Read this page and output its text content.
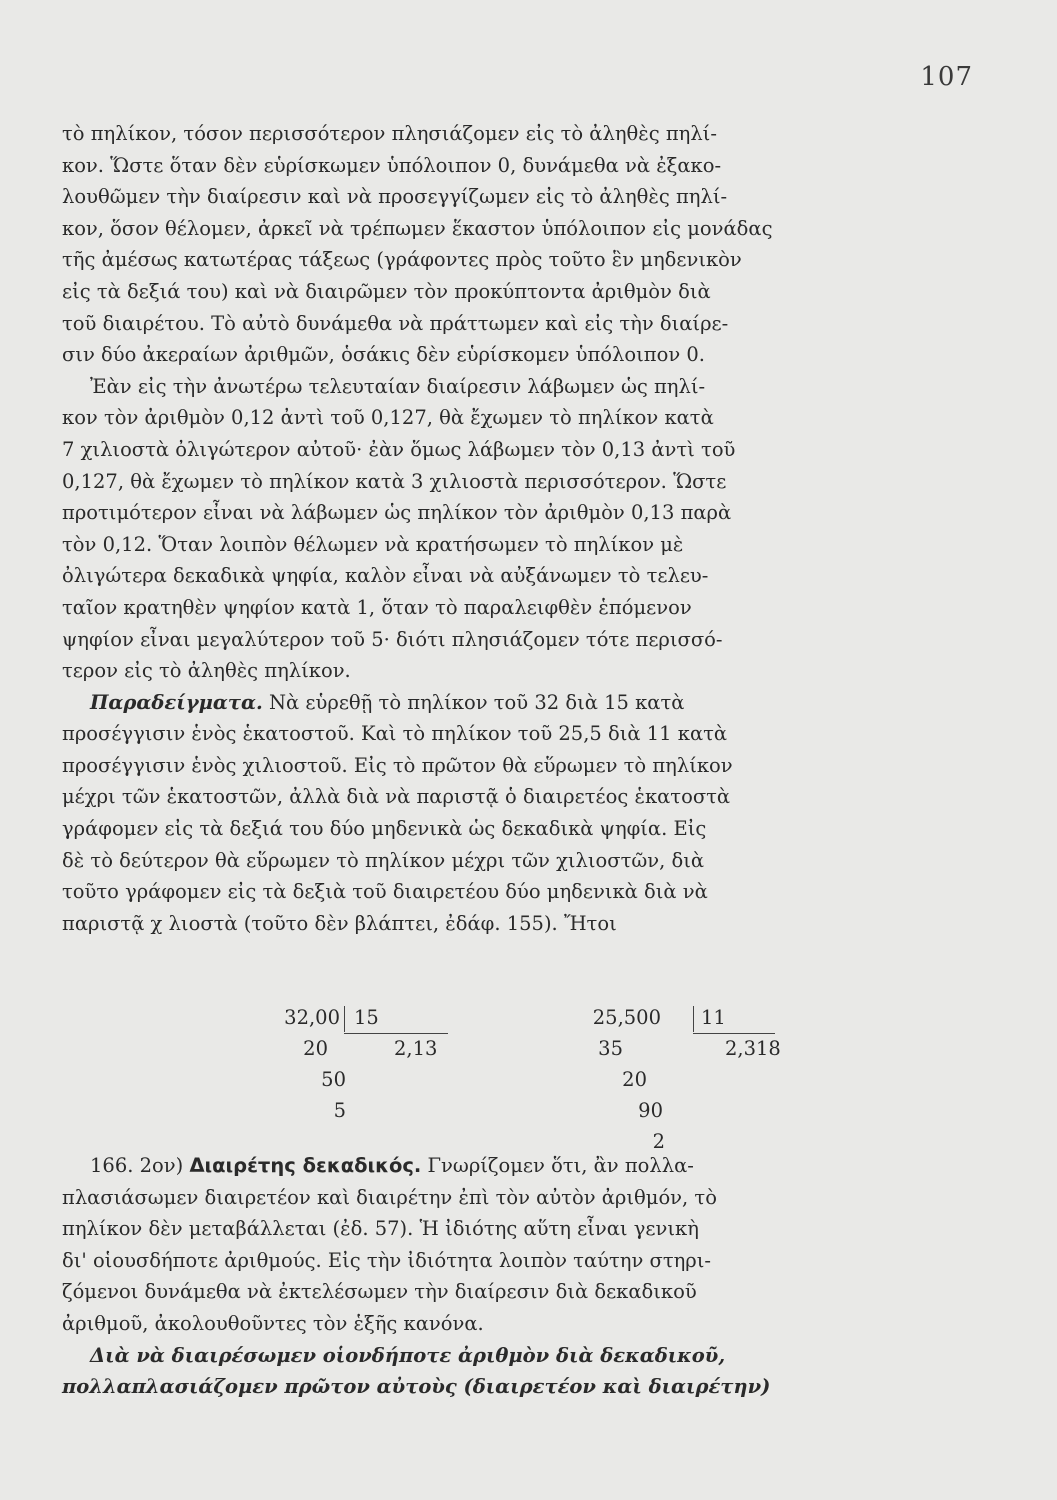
107

τὸ πηλίκον, τόσον περισσότερον πλησιάζομεν εἰς τὸ ἀληθὲς πηλί-
κον. Ὥστε ὅταν δὲν εὑρίσκωμεν ὑπόλοιπον 0, δυνάμεθα νὰ ἐξακο-
λουθῶμεν τὴν διαίρεσιν καὶ νὰ προσεγγίζωμεν εἰς τὸ ἀληθὲς πηλί-
κον, ὅσον θέλομεν, ἀρκεῖ νὰ τρέπωμεν ἕκαστον ὑπόλοιπον εἰς μονάδας
τῆς ἀμέσως κατωτέρας τάξεως (γράφοντες πρὸς τοῦτο ἓν μηδενικὸν
εἰς τὰ δεξιά του) καὶ νὰ διαιρῶμεν τὸν προκύπτοντα ἀριθμὸν διὰ
τοῦ διαιρέτου. Τὸ αὐτὸ δυνάμεθα νὰ πράττωμεν καὶ εἰς τὴν διαίρε-
σιν δύο ἀκεραίων ἀριθμῶν, ὁσάκις δὲν εὑρίσκομεν ὑπόλοιπον 0.

Ἐὰν εἰς τὴν ἀνωτέρω τελευταίαν διαίρεσιν λάβωμεν ὡς πηλί-
κον τὸν ἀριθμὸν 0,12 ἀντὶ τοῦ 0,127, θὰ ἔχωμεν τὸ πηλίκον κατὰ
7 χιλιοστὰ ὀλιγώτερον αὐτοῦ· ἐὰν ὅμως λάβωμεν τὸν 0,13 ἀντὶ τοῦ
0,127, θὰ ἔχωμεν τὸ πηλίκον κατὰ 3 χιλιοστὰ περισσότερον. Ὥστε
προτιμότερον εἶναι νὰ λάβωμεν ὡς πηλίκον τὸν ἀριθμὸν 0,13 παρὰ
τὸν 0,12. Ὅταν λοιπὸν θέλωμεν νὰ κρατήσωμεν τὸ πηλίκον μὲ
ὀλιγώτερα δεκαδικὰ ψηφία, καλὸν εἶναι νὰ αὐξάνωμεν τὸ τελευ-
ταῖον κρατηθὲν ψηφίον κατὰ 1, ὅταν τὸ παραλειφθὲν ἑπόμενον
ψηφίον εἶναι μεγαλύτερον τοῦ 5· διότι πλησιάζομεν τότε περισσό-
τερον εἰς τὸ ἀληθὲς πηλίκον.

Παραδείγματα. Νὰ εὑρεθῇ τὸ πηλίκον τοῦ 32 διὰ 15 κατὰ
προσέγγισιν ἑνὸς ἑκατοστοῦ. Καὶ τὸ πηλίκον τοῦ 25,5 διὰ 11 κατὰ
προσέγγισιν ἑνὸς χιλιοστοῦ. Εἰς τὸ πρῶτον θὰ εὕρωμεν τὸ πηλίκον
μέχρι τῶν ἑκατοστῶν, ἀλλὰ διὰ νὰ παριστᾷ ὁ διαιρετέος ἑκατοστὰ
γράφομεν εἰς τὰ δεξιά του δύο μηδενικὰ ὡς δεκαδικὰ ψηφία. Εἰς
δὲ τὸ δεύτερον θὰ εὕρωμεν τὸ πηλίκον μέχρι τῶν χιλιοστῶν, διὰ
τοῦτο γράφομεν εἰς τὰ δεξιὰ τοῦ διαιρετέου δύο μηδενικὰ διὰ νὰ
παριστᾷ χ λιοστὰ (τοῦτο δὲν βλάπτει, ἐδάφ. 155). Ἤτοι

32,00 15
2,13
20
50
5
25,500 11
2,318
35
20
90
2

166. 2ον) Διαιρέτης δεκαδικός. Γνωρίζομεν ὅτι, ἂν πολλα-
πλασιάσωμεν διαιρετέον καὶ διαιρέτην ἐπὶ τὸν αὐτὸν ἀριθμόν, τὸ
πηλίκον δὲν μεταβάλλεται (ἐδ. 57). Ἡ ἰδιότης αὕτη εἶναι γενικὴ
δι' οἱουσδήποτε ἀριθμούς. Εἰς τὴν ἰδιότητα λοιπὸν ταύτην στηρι-
ζόμενοι δυνάμεθα νὰ ἐκτελέσωμεν τὴν διαίρεσιν διὰ δεκαδικοῦ
ἀριθμοῦ, ἀκολουθοῦντες τὸν ἑξῆς κανόνα.

Διὰ νὰ διαιρέσωμεν οἱονδήποτε ἀριθμὸν διὰ δεκαδικοῦ,
πολλαπλασιάζομεν πρῶτον αὐτοὺς (διαιρετέον καὶ διαιρέτην)
